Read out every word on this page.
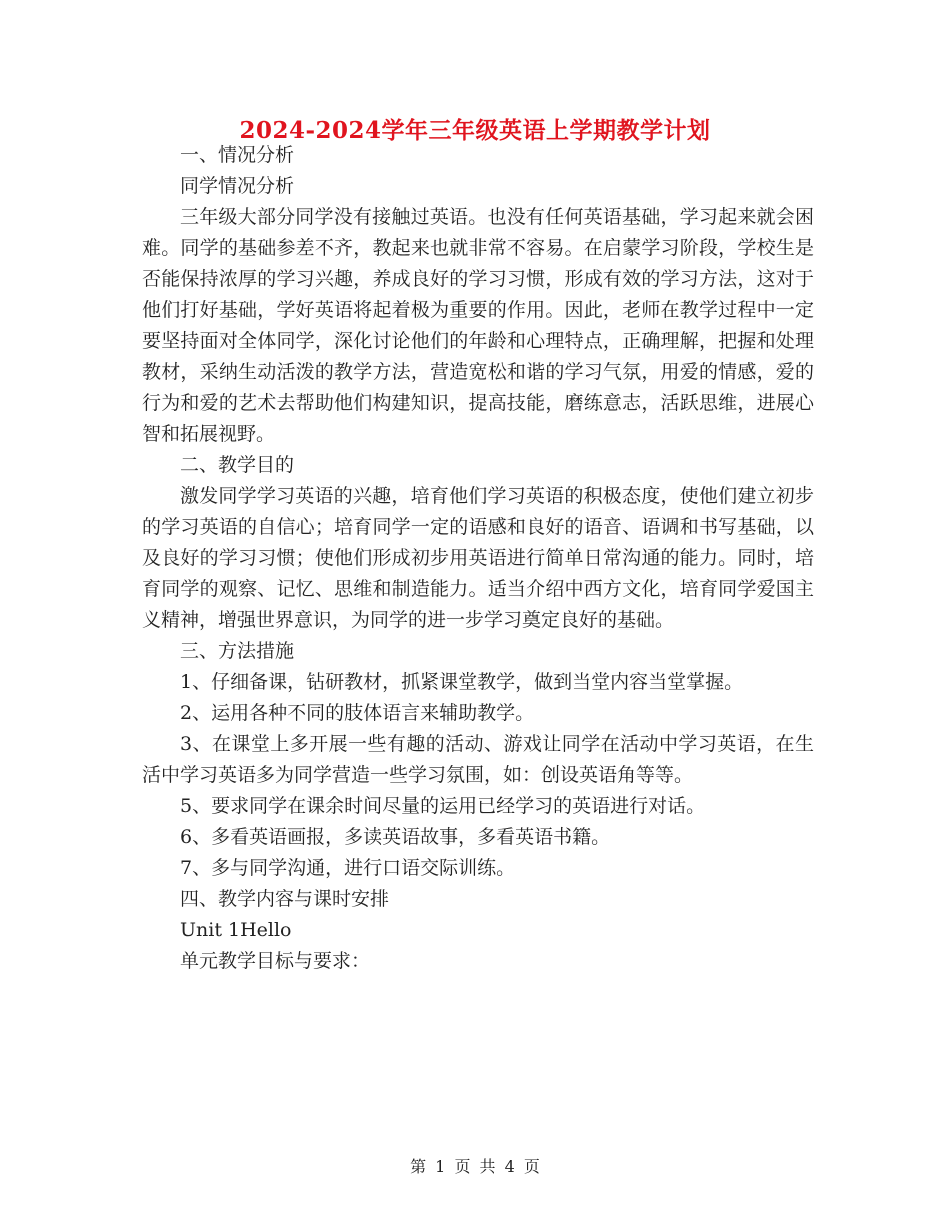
2024-2024学年三年级英语上学期教学计划

一、情况分析

同学情况分析

三年级大部分同学没有接触过英语。也没有任何英语基础，学习起来就会困难。同学的基础参差不齐，教起来也就非常不容易。在启蒙学习阶段，学校生是否能保持浓厚的学习兴趣，养成良好的学习习惯，形成有效的学习方法，这对于他们打好基础，学好英语将起着极为重要的作用。因此，老师在教学过程中一定要坚持面对全体同学，深化讨论他们的年龄和心理特点，正确理解，把握和处理教材，采纳生动活泼的教学方法，营造宽松和谐的学习气氛，用爱的情感，爱的行为和爱的艺术去帮助他们构建知识，提高技能，磨练意志，活跃思维，进展心智和拓展视野。

二、教学目的

激发同学学习英语的兴趣，培育他们学习英语的积极态度，使他们建立初步的学习英语的自信心；培育同学一定的语感和良好的语音、语调和书写基础，以及良好的学习习惯；使他们形成初步用英语进行简单日常沟通的能力。同时，培育同学的观察、记忆、思维和制造能力。适当介绍中西方文化，培育同学爱国主义精神，增强世界意识，为同学的进一步学习奠定良好的基础。

三、方法措施

1、仔细备课，钻研教材，抓紧课堂教学，做到当堂内容当堂掌握。

2、运用各种不同的肢体语言来辅助教学。

3、在课堂上多开展一些有趣的活动、游戏让同学在活动中学习英语，在生活中学习英语多为同学营造一些学习氛围，如：创设英语角等等。

5、要求同学在课余时间尽量的运用已经学习的英语进行对话。

6、多看英语画报，多读英语故事，多看英语书籍。

7、多与同学沟通，进行口语交际训练。

四、教学内容与课时安排

Unit 1Hello

单元教学目标与要求：

第 1 页 共 4 页
